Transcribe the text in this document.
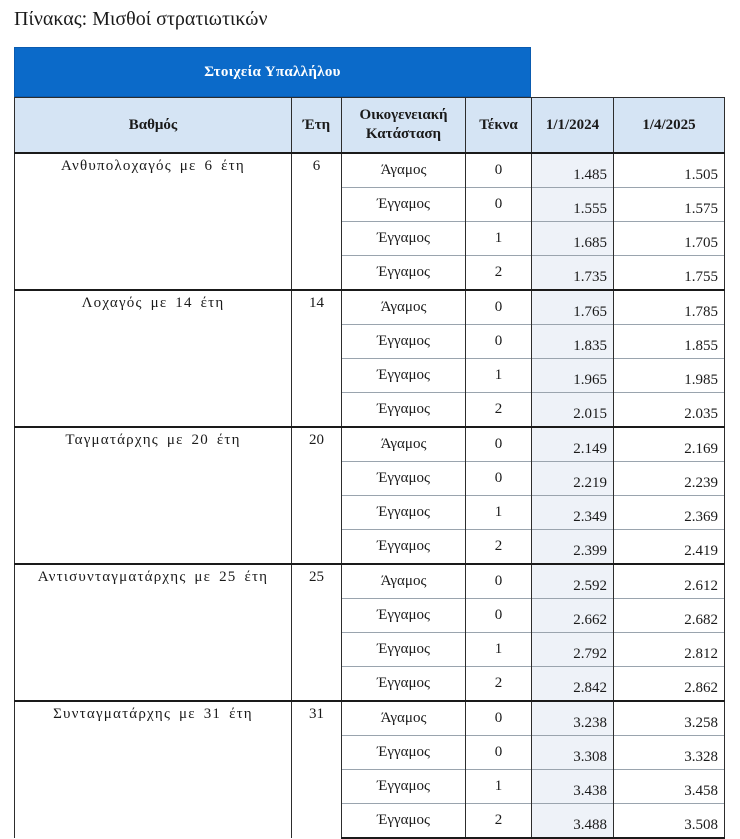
Πίνακας: Μισθοί στρατιωτικών
Στοιχεία Υπαλλήλου
Βαθμός	Έτη	Οικογενειακή Κατάσταση	Τέκνα	1/1/2024	1/4/2025
Ανθυπολοχαγός με 6 έτη	6	Άγαμος	0	1.485	1.505
		Έγγαμος	0	1.555	1.575
		Έγγαμος	1	1.685	1.705
		Έγγαμος	2	1.735	1.755
Λοχαγός με 14 έτη	14	Άγαμος	0	1.765	1.785
		Έγγαμος	0	1.835	1.855
		Έγγαμος	1	1.965	1.985
		Έγγαμος	2	2.015	2.035
Ταγματάρχης με 20 έτη	20	Άγαμος	0	2.149	2.169
		Έγγαμος	0	2.219	2.239
		Έγγαμος	1	2.349	2.369
		Έγγαμος	2	2.399	2.419
Αντισυνταγματάρχης με 25 έτη	25	Άγαμος	0	2.592	2.612
		Έγγαμος	0	2.662	2.682
		Έγγαμος	1	2.792	2.812
		Έγγαμος	2	2.842	2.862
Συνταγματάρχης με 31 έτη	31	Άγαμος	0	3.238	3.258
		Έγγαμος	0	3.308	3.328
		Έγγαμος	1	3.438	3.458
		Έγγαμος	2	3.488	3.508
